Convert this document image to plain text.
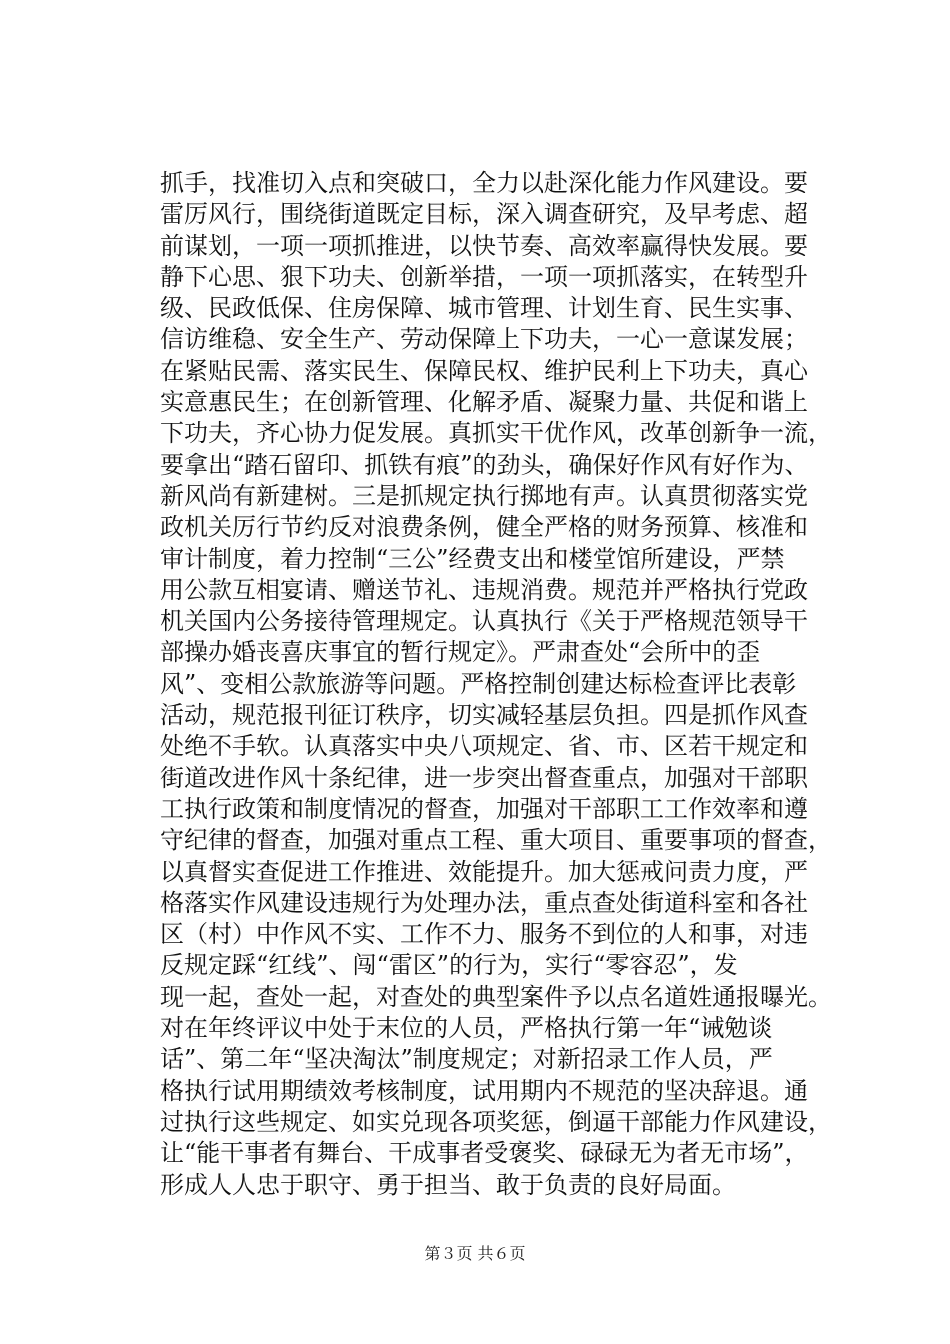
抓手，找准切入点和突破口，全力以赴深化能力作风建设。要
雷厉风行，围绕街道既定目标，深入调查研究，及早考虑、超
前谋划，一项一项抓推进，以快节奏、高效率赢得快发展。要
静下心思、狠下功夫、创新举措，一项一项抓落实，在转型升
级、民政低保、住房保障、城市管理、计划生育、民生实事、
信访维稳、安全生产、劳动保障上下功夫，一心一意谋发展；
在紧贴民需、落实民生、保障民权、维护民利上下功夫，真心
实意惠民生；在创新管理、化解矛盾、凝聚力量、共促和谐上
下功夫，齐心协力促发展。真抓实干优作风，改革创新争一流，
要拿出“踏石留印、抓铁有痕”的劲头，确保好作风有好作为、
新风尚有新建树。三是抓规定执行掷地有声。认真贯彻落实党
政机关厉行节约反对浪费条例，健全严格的财务预算、核准和
审计制度，着力控制“三公”经费支出和楼堂馆所建设，严禁
用公款互相宴请、赠送节礼、违规消费。规范并严格执行党政
机关国内公务接待管理规定。认真执行《关于严格规范领导干
部操办婚丧喜庆事宜的暂行规定》。严肃查处“会所中的歪
风”、变相公款旅游等问题。严格控制创建达标检查评比表彰
活动，规范报刊征订秩序，切实减轻基层负担。四是抓作风查
处绝不手软。认真落实中央八项规定、省、市、区若干规定和
街道改进作风十条纪律，进一步突出督查重点，加强对干部职
工执行政策和制度情况的督查，加强对干部职工工作效率和遵
守纪律的督查，加强对重点工程、重大项目、重要事项的督查，
以真督实查促进工作推进、效能提升。加大惩戒问责力度，严
格落实作风建设违规行为处理办法，重点查处街道科室和各社
区（村）中作风不实、工作不力、服务不到位的人和事，对违
反规定踩“红线”、闯“雷区”的行为，实行“零容忍”，发
现一起，查处一起，对查处的典型案件予以点名道姓通报曝光。
对在年终评议中处于末位的人员，严格执行第一年“诫勉谈
话”、第二年“坚决淘汰”制度规定；对新招录工作人员，严
格执行试用期绩效考核制度，试用期内不规范的坚决辞退。通
过执行这些规定、如实兑现各项奖惩，倒逼干部能力作风建设，
让“能干事者有舞台、干成事者受褒奖、碌碌无为者无市场”，
形成人人忠于职守、勇于担当、敢于负责的良好局面。
第３页 共６页
